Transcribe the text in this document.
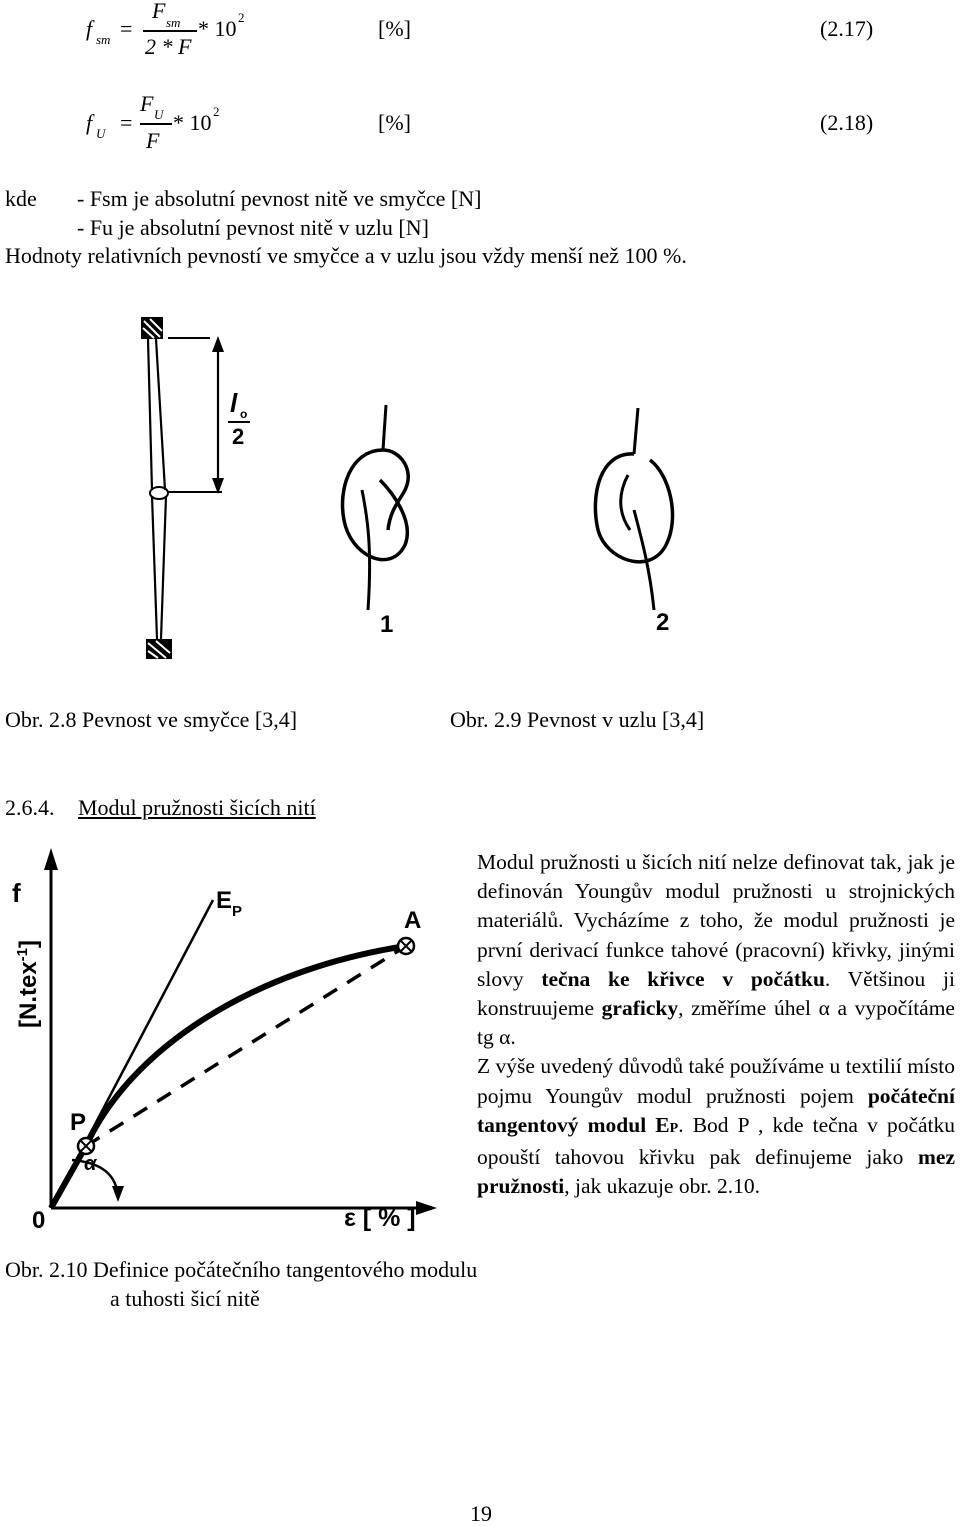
f sm =
F sm
2 * F
* 10 2	[%]	(2.17)
f U =
F U
F
* 10 2	[%]	(2.18)
kde - Fsm je absolutní pevnost nitě ve smyčce [N]
- Fu je absolutní pevnost nitě v uzlu [N]
Hodnoty relativních pevností ve smyčce a v uzlu jsou vždy menší než 100 %.
l o
2
1	2
Obr. 2.8 Pevnost ve smyčce [3,4]	Obr. 2.9 Pevnost v uzlu [3,4]
2.6.4. Modul pružnosti šicích nití
f
[N.tex$^{-1}$]
E P	A
P
α
0	ε [ % ]
Modul pružnosti u šicích nití nelze definovat tak, jak je definován Youngův modul pružnosti u strojnických materiálů. Vycházíme z toho, že modul pružnosti je první derivací funkce tahové (pracovní) křivky, jinými slovy tečna ke křivce v počátku. Většinou ji konstruujeme graficky, změříme úhel α a vypočítáme tg α.
Z výše uvedený důvodů také používáme u textilií místo pojmu Youngův modul pružnosti pojem počáteční tangentový modul EP. Bod P , kde tečna v počátku opouští tahovou křivku pak definujeme jako mez pružnosti, jak ukazuje obr. 2.10.
Obr. 2.10 Definice počátečního tangentového modulu
a tuhosti šicí nitě
19
